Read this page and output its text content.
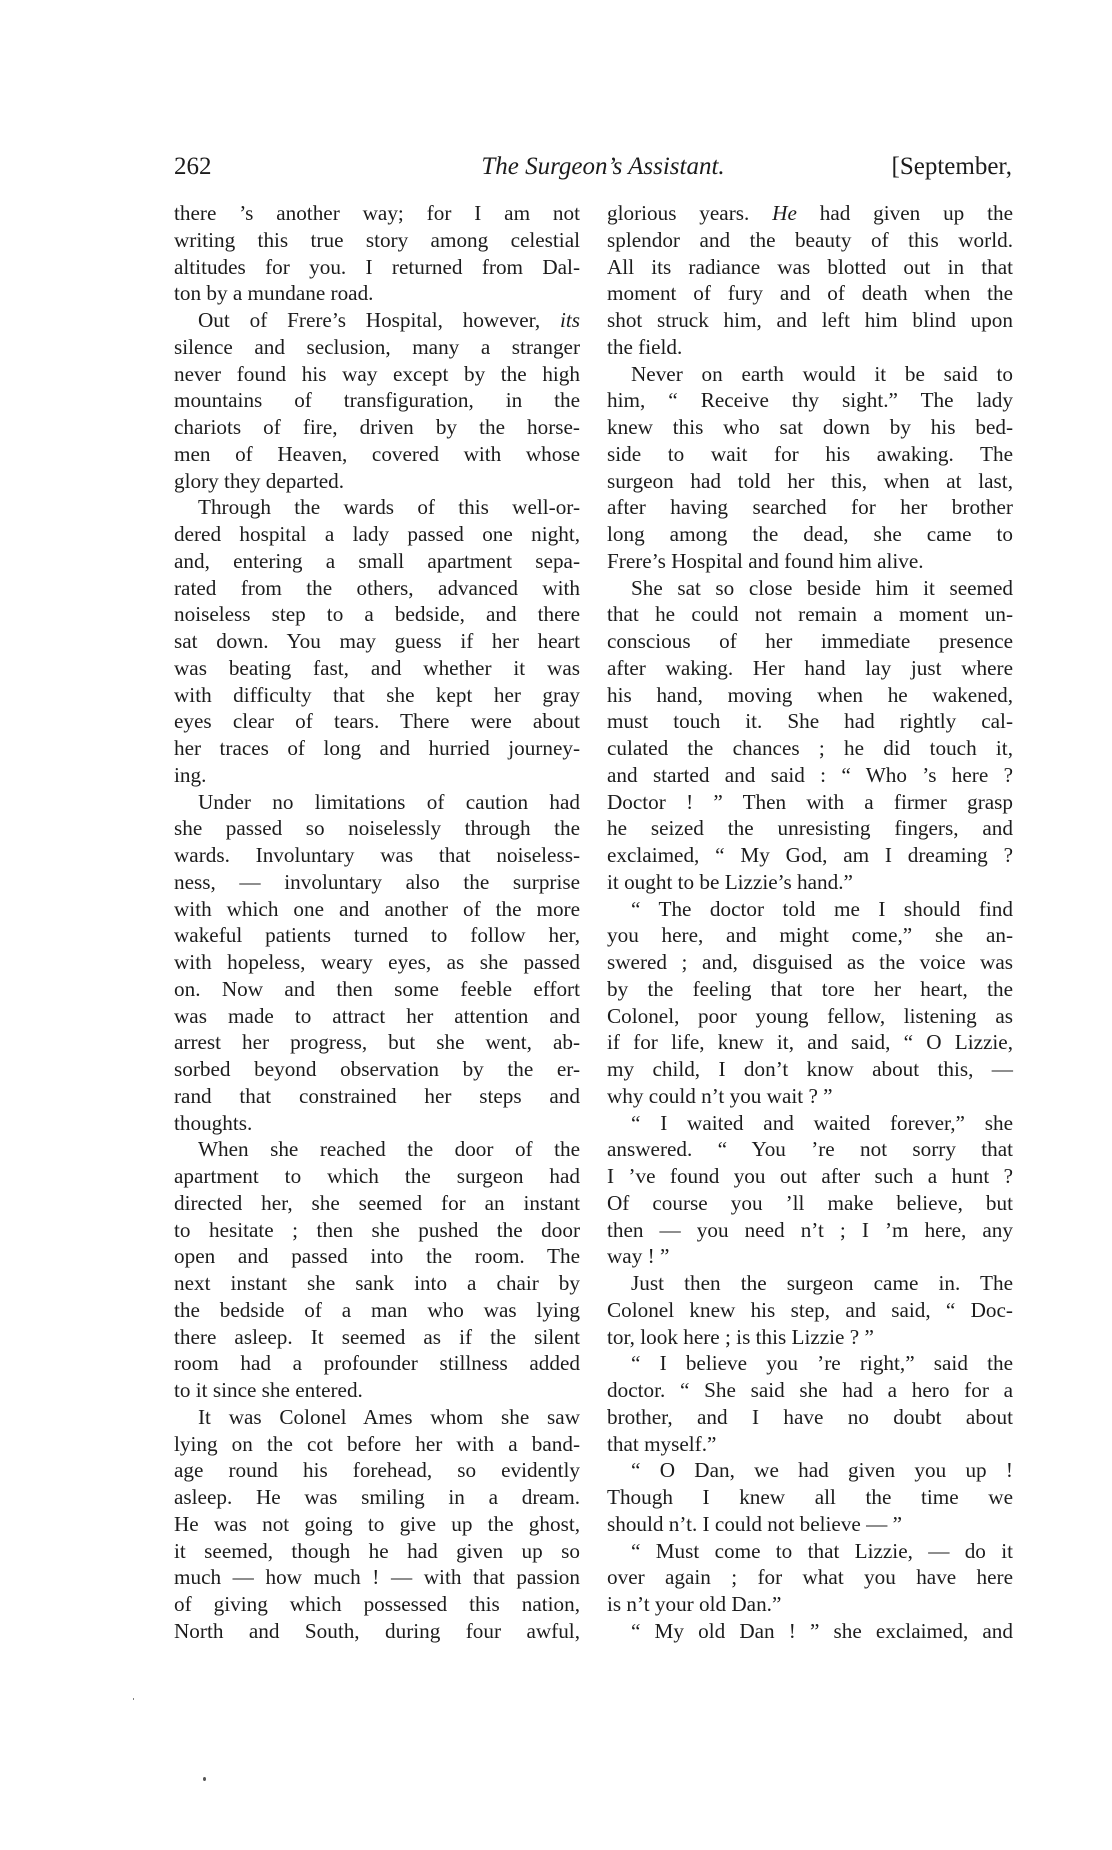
262	The Surgeon’s Assistant.	[September,
there ’s another way; for I am not
writing this true story among celestial
altitudes for you. I returned from Dal-
ton by a mundane road.
Out of Frere’s Hospital, however, its
silence and seclusion, many a stranger
never found his way except by the high
mountains of transfiguration, in the
chariots of fire, driven by the horse-
men of Heaven, covered with whose
glory they departed.
Through the wards of this well-or-
dered hospital a lady passed one night,
and, entering a small apartment sepa-
rated from the others, advanced with
noiseless step to a bedside, and there
sat down. You may guess if her heart
was beating fast, and whether it was
with difficulty that she kept her gray
eyes clear of tears. There were about
her traces of long and hurried journey-
ing.
Under no limitations of caution had
she passed so noiselessly through the
wards. Involuntary was that noiseless-
ness, — involuntary also the surprise
with which one and another of the more
wakeful patients turned to follow her,
with hopeless, weary eyes, as she passed
on. Now and then some feeble effort
was made to attract her attention and
arrest her progress, but she went, ab-
sorbed beyond observation by the er-
rand that constrained her steps and
thoughts.
When she reached the door of the
apartment to which the surgeon had
directed her, she seemed for an instant
to hesitate ; then she pushed the door
open and passed into the room. The
next instant she sank into a chair by
the bedside of a man who was lying
there asleep. It seemed as if the silent
room had a profounder stillness added
to it since she entered.
It was Colonel Ames whom she saw
lying on the cot before her with a band-
age round his forehead, so evidently
asleep. He was smiling in a dream.
He was not going to give up the ghost,
it seemed, though he had given up so
much — how much ! — with that passion
of giving which possessed this nation,
North and South, during four awful,
glorious years. He had given up the
splendor and the beauty of this world.
All its radiance was blotted out in that
moment of fury and of death when the
shot struck him, and left him blind upon
the field.
Never on earth would it be said to
him, “ Receive thy sight.” The lady
knew this who sat down by his bed-
side to wait for his awaking. The
surgeon had told her this, when at last,
after having searched for her brother
long among the dead, she came to
Frere’s Hospital and found him alive.
She sat so close beside him it seemed
that he could not remain a moment un-
conscious of her immediate presence
after waking. Her hand lay just where
his hand, moving when he wakened,
must touch it. She had rightly cal-
culated the chances ; he did touch it,
and started and said : “ Who ’s here ?
Doctor ! ” Then with a firmer grasp
he seized the unresisting fingers, and
exclaimed, “ My God, am I dreaming ?
it ought to be Lizzie’s hand.”
“ The doctor told me I should find
you here, and might come,” she an-
swered ; and, disguised as the voice was
by the feeling that tore her heart, the
Colonel, poor young fellow, listening as
if for life, knew it, and said, “ O Lizzie,
my child, I don’t know about this, —
why could n’t you wait ? ”
“ I waited and waited forever,” she
answered. “ You ’re not sorry that
I ’ve found you out after such a hunt ?
Of course you ’ll make believe, but
then — you need n’t ; I ’m here, any
way ! ”
Just then the surgeon came in. The
Colonel knew his step, and said, “ Doc-
tor, look here ; is this Lizzie ? ”
“ I believe you ’re right,” said the
doctor. “ She said she had a hero for a
brother, and I have no doubt about
that myself.”
“ O Dan, we had given you up !
Though I knew all the time we
should n’t. I could not believe — ”
“ Must come to that Lizzie, — do it
over again ; for what you have here
is n’t your old Dan.”
“ My old Dan ! ” she exclaimed, and
